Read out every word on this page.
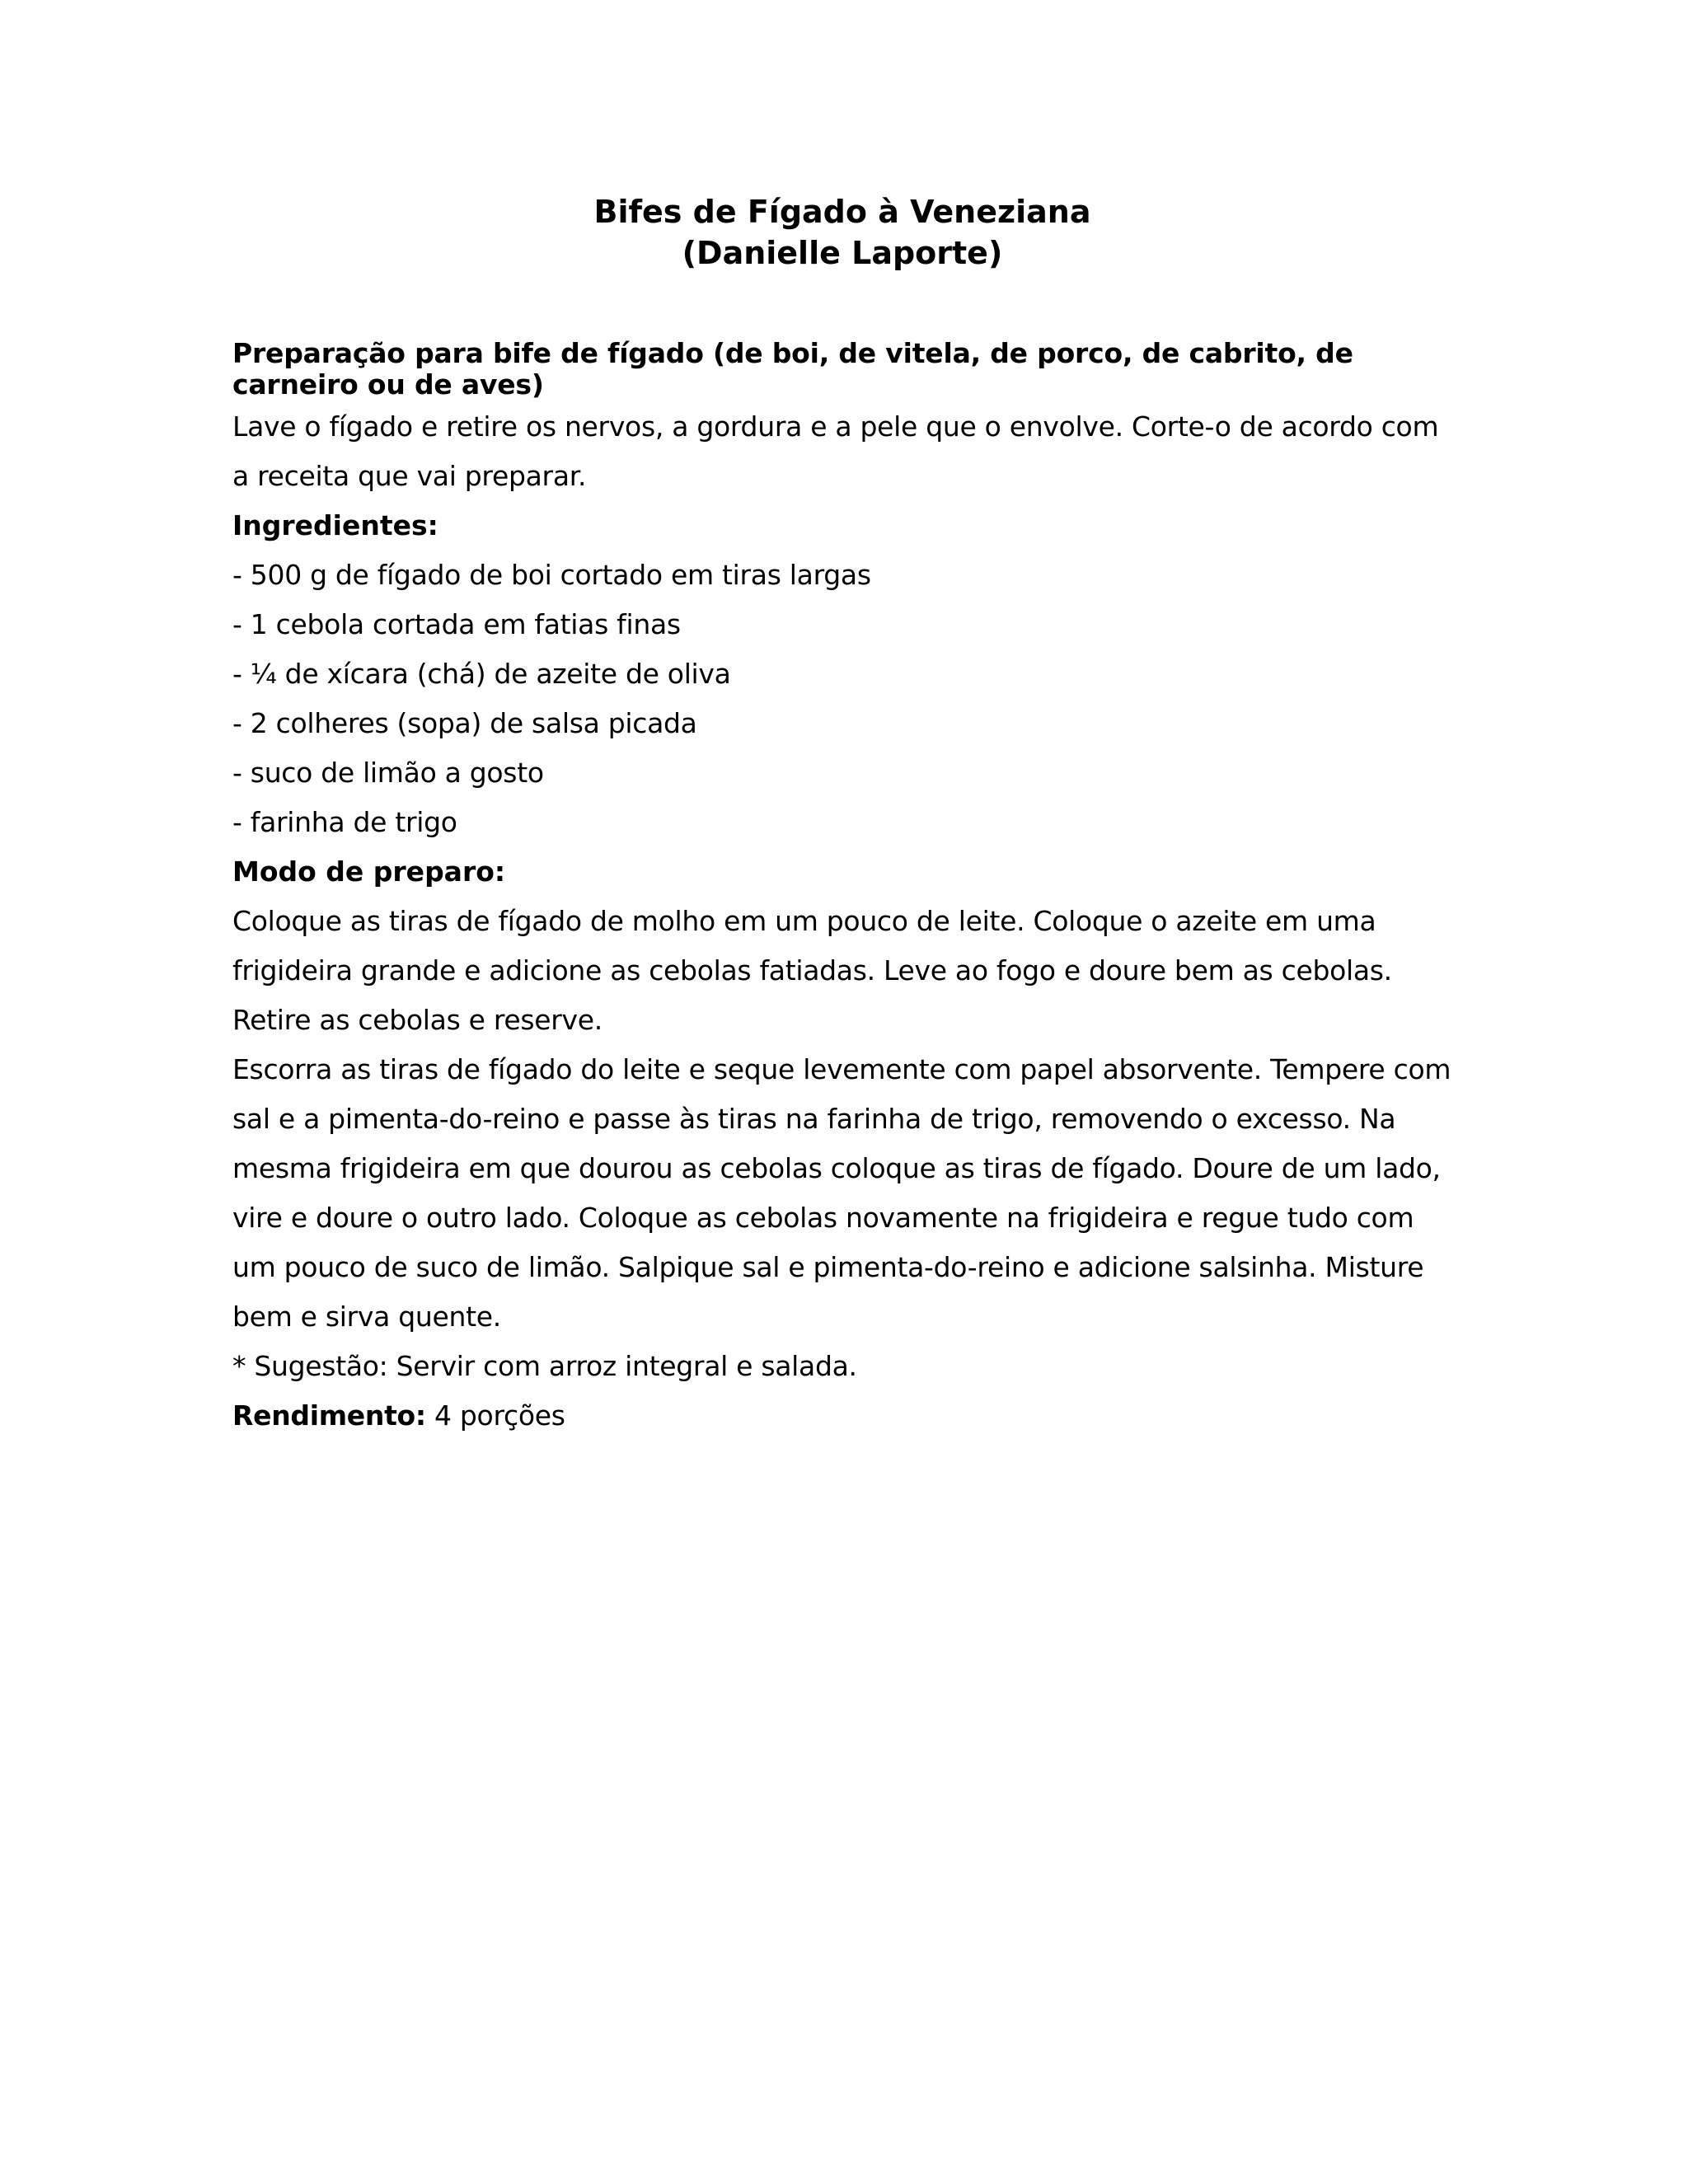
Bifes de Fígado à Veneziana
(Danielle Laporte)
Preparação para bife de fígado (de boi, de vitela, de porco, de cabrito, de carneiro ou de aves)

Lave o fígado e retire os nervos, a gordura e a pele que o envolve. Corte-o de acordo com a receita que vai preparar.

Ingredientes:
- 500 g de fígado de boi cortado em tiras largas
- 1 cebola cortada em fatias finas
- ¼ de xícara (chá) de azeite de oliva
- 2 colheres (sopa) de salsa picada
- suco de limão a gosto
- farinha de trigo
Modo de preparo:

Coloque as tiras de fígado de molho em um pouco de leite. Coloque o azeite em uma frigideira grande e adicione as cebolas fatiadas. Leve ao fogo e doure bem as cebolas. Retire as cebolas e reserve.

Escorra as tiras de fígado do leite e seque levemente com papel absorvente. Tempere com sal e a pimenta-do-reino e passe às tiras na farinha de trigo, removendo o excesso. Na mesma frigideira em que dourou as cebolas coloque as tiras de fígado. Doure de um lado, vire e doure o outro lado. Coloque as cebolas novamente na frigideira e regue tudo com um pouco de suco de limão. Salpique sal e pimenta-do-reino e adicione salsinha. Misture bem e sirva quente.

* Sugestão: Servir com arroz integral e salada.

Rendimento: 4 porções
